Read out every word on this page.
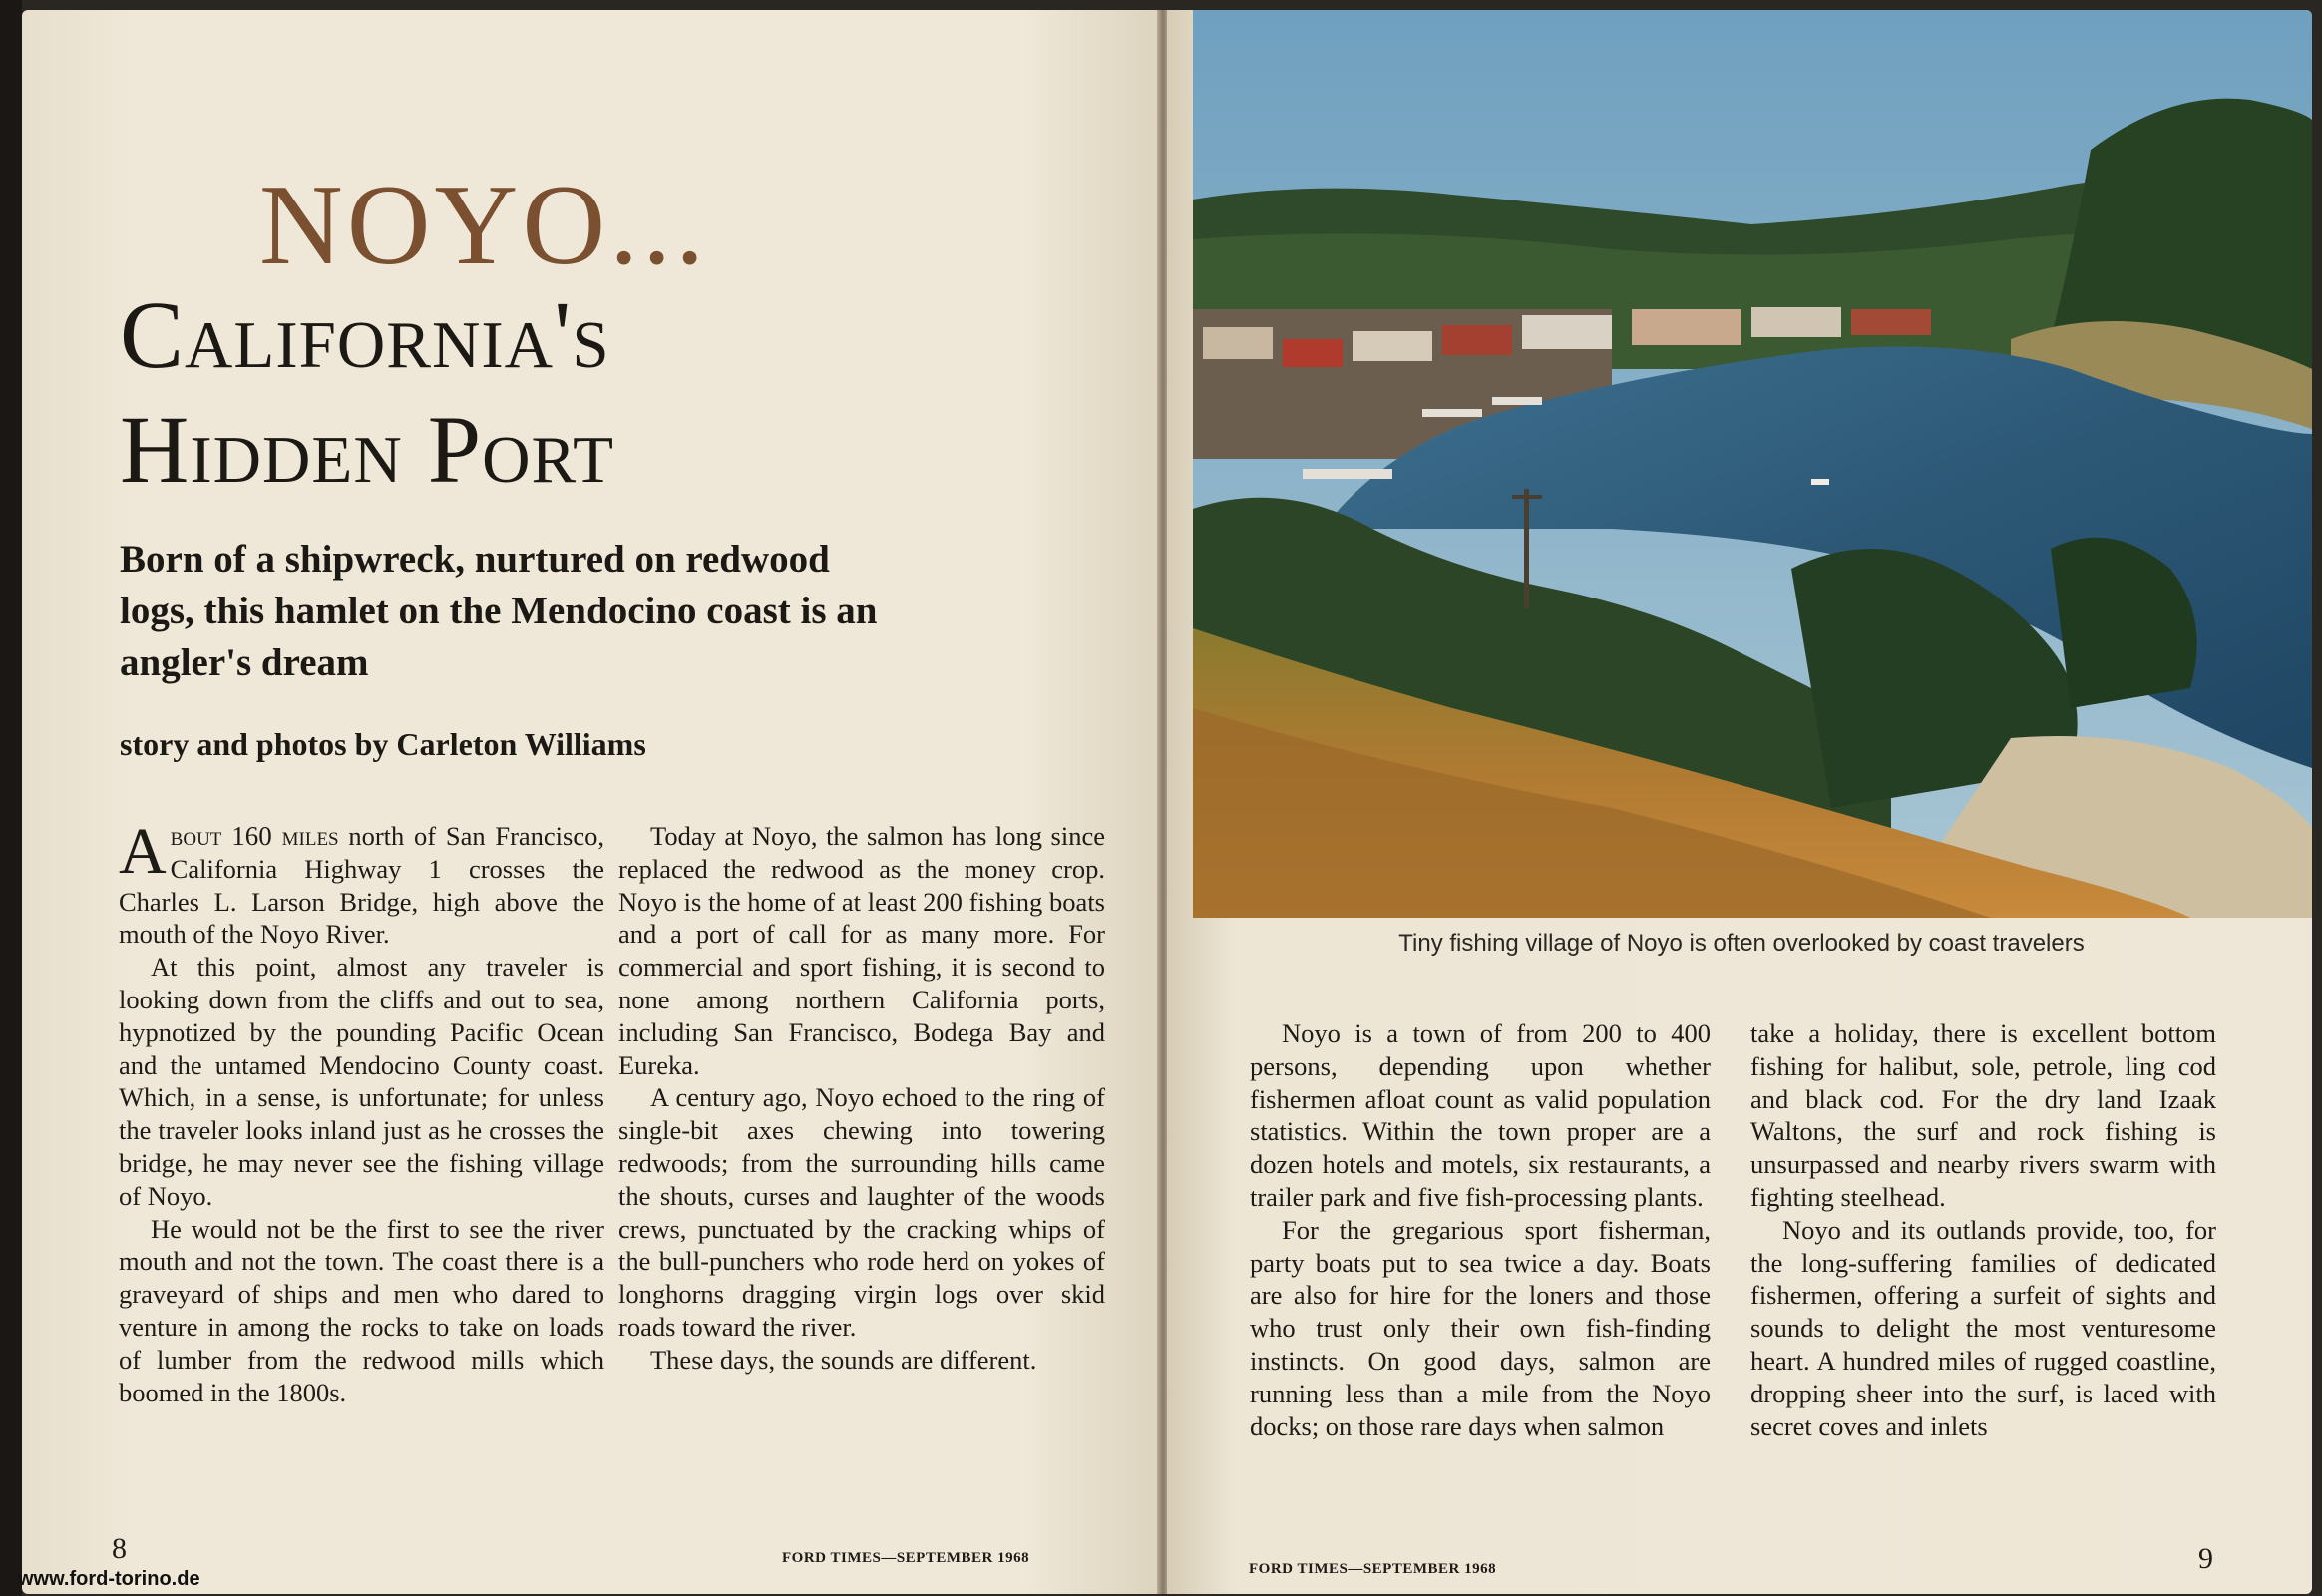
NOYO...
California's
Hidden Port

Born of a shipwreck, nurtured on redwood logs, this hamlet on the Mendocino coast is an angler's dream

story and photos by Carleton Williams

About 160 miles north of San Francisco, California Highway 1 crosses the Charles L. Larson Bridge, high above the mouth of the Noyo River.

At this point, almost any traveler is looking down from the cliffs and out to sea, hypnotized by the pounding Pacific Ocean and the untamed Mendocino County coast. Which, in a sense, is unfortunate; for unless the traveler looks inland just as he crosses the bridge, he may never see the fishing village of Noyo.

He would not be the first to see the river mouth and not the town. The coast there is a graveyard of ships and men who dared to venture in among the rocks to take on loads of lumber from the redwood mills which boomed in the 1800s.

Today at Noyo, the salmon has long since replaced the redwood as the money crop. Noyo is the home of at least 200 fishing boats and a port of call for as many more. For commercial and sport fishing, it is second to none among northern California ports, including San Francisco, Bodega Bay and Eureka.

A century ago, Noyo echoed to the ring of single-bit axes chewing into towering redwoods; from the surrounding hills came the shouts, curses and laughter of the woods crews, punctuated by the cracking whips of the bull-punchers who rode herd on yokes of longhorns dragging virgin logs over skid roads toward the river.

These days, the sounds are different.

8	FORD TIMES—SEPTEMBER 1968
Tiny fishing village of Noyo is often overlooked by coast travelers

Noyo is a town of from 200 to 400 persons, depending upon whether fishermen afloat count as valid population statistics. Within the town proper are a dozen hotels and motels, six restaurants, a trailer park and five fish-processing plants.

For the gregarious sport fisherman, party boats put to sea twice a day. Boats are also for hire for the loners and those who trust only their own fish-finding instincts. On good days, salmon are running less than a mile from the Noyo docks; on those rare days when salmon

take a holiday, there is excellent bottom fishing for halibut, sole, petrole, ling cod and black cod. For the dry land Izaak Waltons, the surf and rock fishing is unsurpassed and nearby rivers swarm with fighting steelhead.

Noyo and its outlands provide, too, for the long-suffering families of dedicated fishermen, offering a surfeit of sights and sounds to delight the most venturesome heart. A hundred miles of rugged coastline, dropping sheer into the surf, is laced with secret coves and inlets

FORD TIMES—SEPTEMBER 1968	9
www.ford-torino.de
